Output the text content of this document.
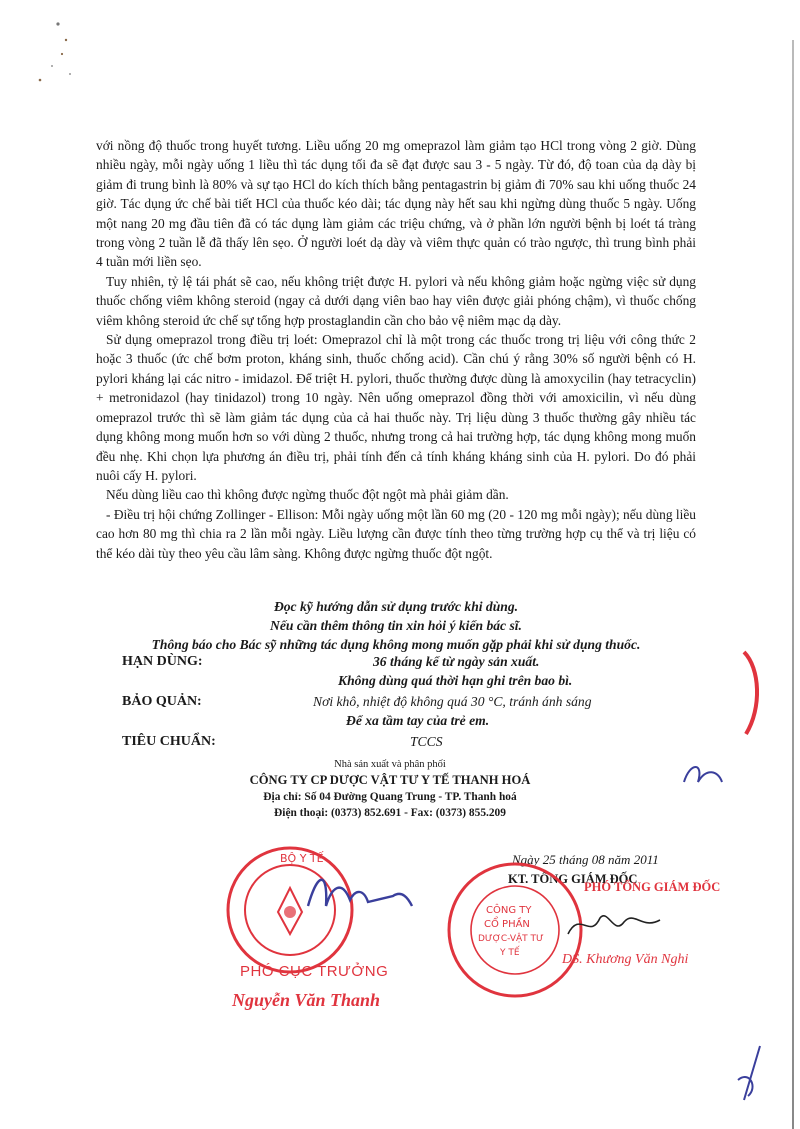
với nồng độ thuốc trong huyết tương. Liều uống 20 mg omeprazol làm giảm tạo HCl trong vòng 2 giờ. Dùng nhiều ngày, mỗi ngày uống 1 liều thì tác dụng tối đa sẽ đạt được sau 3 - 5 ngày. Từ đó, độ toan của dạ dày bị giảm đi trung bình là 80% và sự tạo HCl do kích thích bằng pentagastrin bị giảm đi 70% sau khi uống thuốc 24 giờ. Tác dụng ức chế bài tiết HCl của thuốc kéo dài; tác dụng này hết sau khi ngừng dùng thuốc 5 ngày. Uống một nang 20 mg đầu tiên đã có tác dụng làm giảm các triệu chứng, và ở phần lớn người bệnh bị loét tá tràng trong vòng 2 tuần lễ đã thấy lên sẹo. Ở người loét dạ dày và viêm thực quản có trào ngược, thì trung bình phải 4 tuần mới liền sẹo.

Tuy nhiên, tỷ lệ tái phát sẽ cao, nếu không triệt được H. pylori và nếu không giảm hoặc ngừng việc sử dụng thuốc chống viêm không steroid (ngay cả dưới dạng viên bao hay viên được giải phóng chậm), vì thuốc chống viêm không steroid ức chế sự tổng hợp prostaglandin cần cho bảo vệ niêm mạc dạ dày.

Sử dụng omeprazol trong điều trị loét: Omeprazol chỉ là một trong các thuốc trong trị liệu với công thức 2 hoặc 3 thuốc (ức chế bơm proton, kháng sinh, thuốc chống acid). Cần chú ý rằng 30% số người bệnh có H. pylori kháng lại các nitro - imidazol. Để triệt H. pylori, thuốc thường được dùng là amoxycilin (hay tetracyclin) + metronidazol (hay tinidazol) trong 10 ngày. Nên uống omeprazol đồng thời với amoxicilin, vì nếu dùng omeprazol trước thì sẽ làm giảm tác dụng của cả hai thuốc này. Trị liệu dùng 3 thuốc thường gây nhiều tác dụng không mong muốn hơn so với dùng 2 thuốc, nhưng trong cả hai trường hợp, tác dụng không mong muốn đều nhẹ. Khi chọn lựa phương án điều trị, phải tính đến cả tính kháng kháng sinh của H. pylori. Do đó phải nuôi cấy H. pylori.

Nếu dùng liều cao thì không được ngừng thuốc đột ngột mà phải giảm dần.

- Điều trị hội chứng Zollinger - Ellison: Mỗi ngày uống một lần 60 mg (20 - 120 mg mỗi ngày); nếu dùng liều cao hơn 80 mg thì chia ra 2 lần mỗi ngày. Liều lượng cần được tính theo từng trường hợp cụ thể và trị liệu có thể kéo dài tùy theo yêu cầu lâm sàng. Không được ngừng thuốc đột ngột.

Đọc kỹ hướng dẫn sử dụng trước khi dùng.
Nếu cần thêm thông tin xin hỏi ý kiến bác sĩ.
Thông báo cho Bác sỹ những tác dụng không mong muốn gặp phải khi sử dụng thuốc.
HẠN DÙNG:	36 tháng kể từ ngày sản xuất.
Không dùng quá thời hạn ghi trên bao bì.
BẢO QUẢN:	Nơi khô, nhiệt độ không quá 30 °C, tránh ánh sáng
Để xa tầm tay của trẻ em.
TIÊU CHUẨN:	TCCS
Nhà sản xuất và phân phối
CÔNG TY CP DƯỢC VẬT TƯ Y TẾ THANH HOÁ
Địa chỉ: Số 04 Đường Quang Trung - TP. Thanh hoá
Điện thoại: (0373) 852.691 - Fax: (0373) 855.209
BỘ Y TẾ
PHÓ CỤC TRƯỞNG
Nguyễn Văn Thanh
Ngày 25 tháng 08 năm 2011
KT. TỔNG GIÁM ĐỐC
CÔNG TY
CỔ PHẦN
DƯỢC-VẬT TƯ
Y TẾ
PHÓ TỔNG GIÁM ĐỐC
DS. Khương Văn Nghi
